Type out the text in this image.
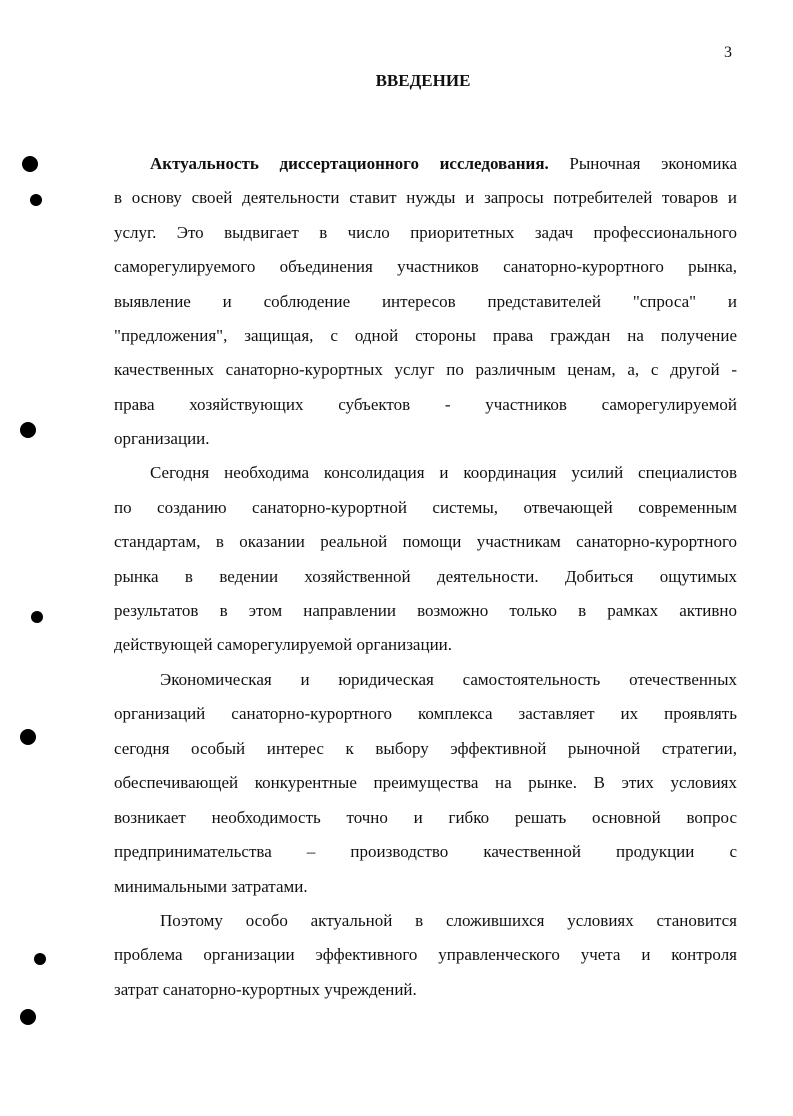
3
ВВЕДЕНИЕ
Актуальность диссертационного исследования. Рыночная экономика
в основу своей деятельности ставит нужды и запросы потребителей товаров и
услуг. Это выдвигает в число приоритетных задач профессионального
саморегулируемого объединения участников санаторно-курортного рынка,
выявление и соблюдение интересов представителей "спроса" и
"предложения", защищая, с одной стороны права граждан на получение
качественных санаторно-курортных услуг по различным ценам, а, с другой -
права хозяйствующих субъектов - участников саморегулируемой
организации.
Сегодня необходима консолидация и координация усилий специалистов
по созданию санаторно-курортной системы, отвечающей современным
стандартам, в оказании реальной помощи участникам санаторно-курортного
рынка в ведении хозяйственной деятельности. Добиться ощутимых
результатов в этом направлении возможно только в рамках активно
действующей саморегулируемой организации.
Экономическая и юридическая самостоятельность отечественных
организаций санаторно-курортного комплекса заставляет их проявлять
сегодня особый интерес к выбору эффективной рыночной стратегии,
обеспечивающей конкурентные преимущества на рынке. В этих условиях
возникает необходимость точно и гибко решать основной вопрос
предпринимательства – производство качественной продукции с
минимальными затратами.
Поэтому особо актуальной в сложившихся условиях становится
проблема организации эффективного управленческого учета и контроля
затрат санаторно-курортных учреждений.
